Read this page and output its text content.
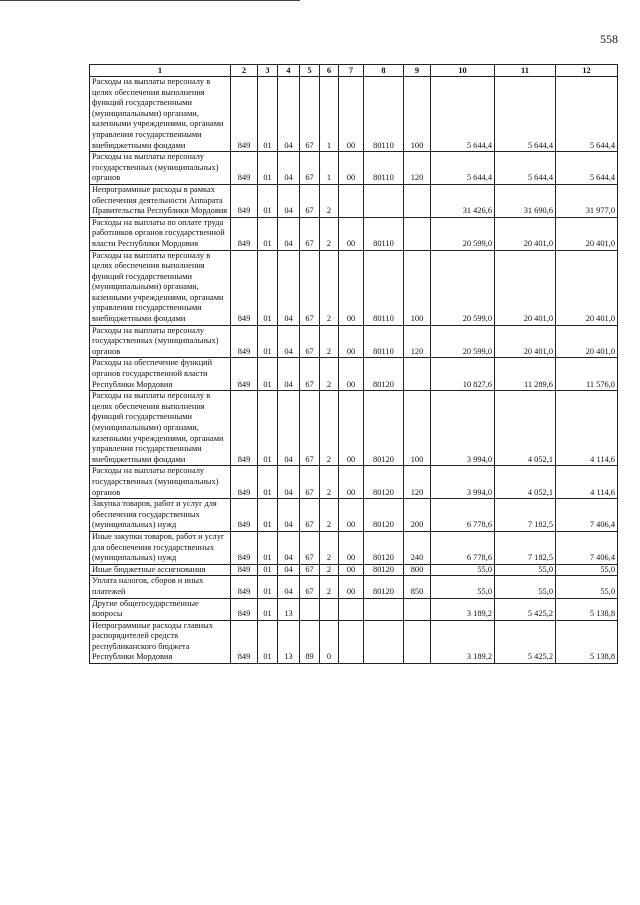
558
1	2	3	4	5	6	7	8	9	10	11	12
Расходы на выплаты персоналу в целях обеспечения выполнения функций государственными (муниципальными) органами, казенными учреждениями, органами управления государственными внебюджетными фондами	849	01	04	67	1	00	80110	100	5 644,4	5 644,4	5 644,4
Расходы на выплаты персоналу государственных (муниципальных) органов	849	01	04	67	1	00	80110	120	5 644,4	5 644,4	5 644,4
Непрограммные расходы в рамках обеспечения деятельности Аппарата Правительства Республики Мордовия	849	01	04	67	2				31 426,6	31 690,6	31 977,0
Расходы на выплаты по оплате труда работников органов государственной власти Республики Мордовия	849	01	04	67	2	00	80110		20 599,0	20 401,0	20 401,0
Расходы на выплаты персоналу в целях обеспечения выполнения функций государственными (муниципальными) органами, казенными учреждениями, органами управления государственными внебюджетными фондами	849	01	04	67	2	00	80110	100	20 599,0	20 401,0	20 401,0
Расходы на выплаты персоналу государственных (муниципальных) органов	849	01	04	67	2	00	80110	120	20 599,0	20 401,0	20 401,0
Расходы на обеспечение функций органов государственной власти Республики Мордовия	849	01	04	67	2	00	80120		10 827,6	11 289,6	11 576,0
Расходы на выплаты персоналу в целях обеспечения выполнения функций государственными (муниципальными) органами, казенными учреждениями, органами управления государственными внебюджетными фондами	849	01	04	67	2	00	80120	100	3 994,0	4 052,1	4 114,6
Расходы на выплаты персоналу государственных (муниципальных) органов	849	01	04	67	2	00	80120	120	3 994,0	4 052,1	4 114,6
Закупка товаров, работ и услуг для обеспечения государственных (муниципальных) нужд	849	01	04	67	2	00	80120	200	6 778,6	7 182,5	7 406,4
Иные закупки товаров, работ и услуг для обеспечения государственных (муниципальных) нужд	849	01	04	67	2	00	80120	240	6 778,6	7 182,5	7 406,4
Иные бюджетные ассигнования	849	01	04	67	2	00	80120	800	55,0	55,0	55,0
Уплата налогов, сборов и иных платежей	849	01	04	67	2	00	80120	850	55,0	55,0	55,0
Другие общегосударственные вопросы	849	01	13						3 189,2	5 425,2	5 138,8
Непрограммные расходы главных распорядителей средств республиканского бюджета Республики Мордовия	849	01	13	89	0				3 189,2	5 425,2	5 138,8
